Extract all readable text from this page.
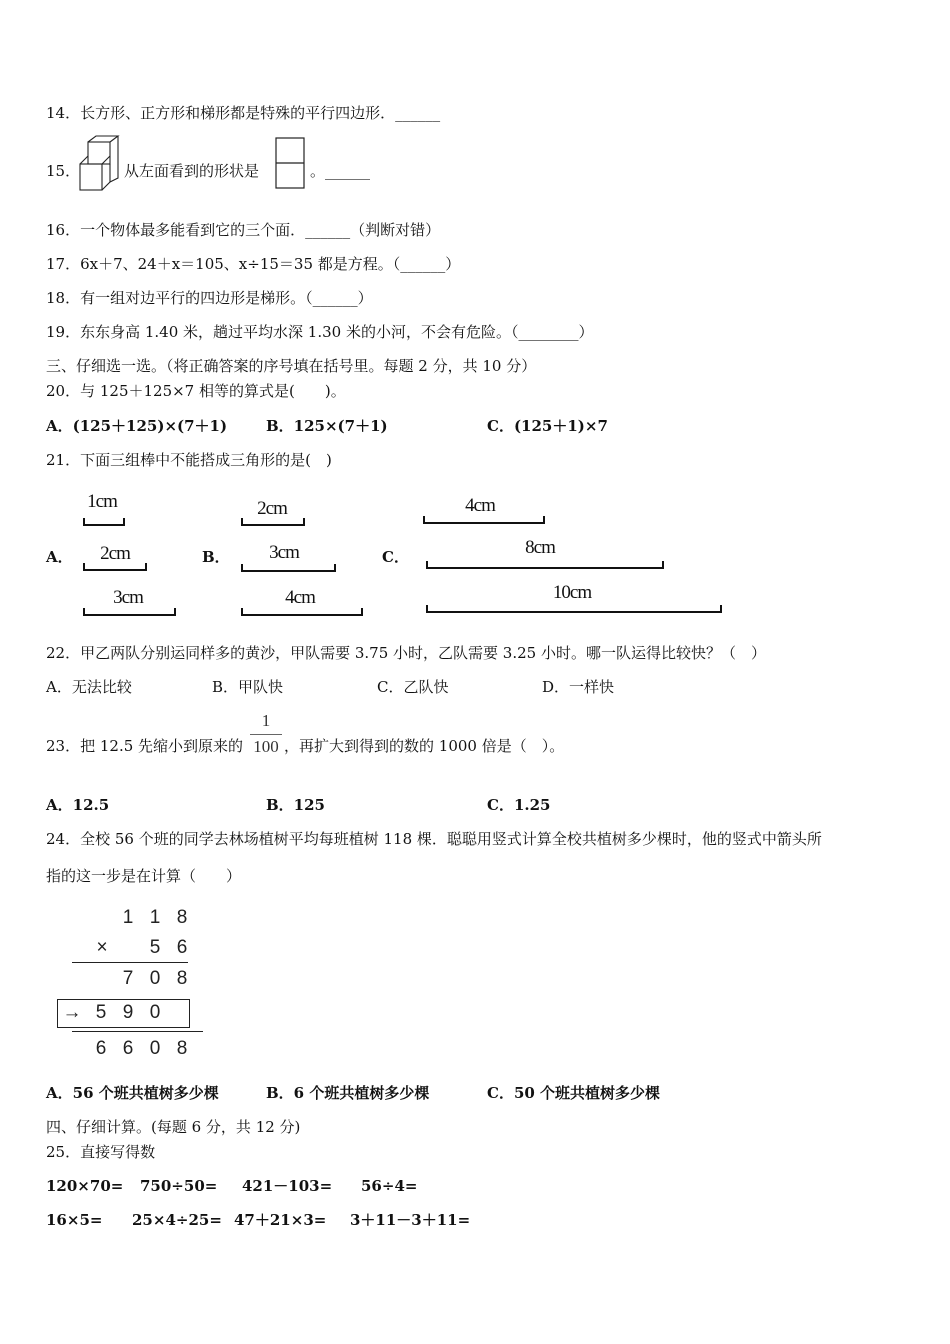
14．长方形、正方形和梯形都是特殊的平行四边形．______
15．	从左面看到的形状是	。______
16．一个物体最多能看到它的三个面．______（判断对错）
17．6x＋7、24＋x＝105、x÷15＝35 都是方程。（______）
18．有一组对边平行的四边形是梯形。（______）
19．东东身高 1.40 米，趟过平均水深 1.30 米的小河，不会有危险。（________）
三、仔细选一选。（将正确答案的序号填在括号里。每题 2 分，共 10 分）
20．与 125＋125×7 相等的算式是(　　)。
A．(125＋125)×(7＋1)	B．125×(7＋1)	C．(125＋1)×7
21．下面三组棒中不能搭成三角形的是(　)
A．	B．	C．
1cm
2cm
3cm
2cm
3cm
4cm
4cm
8cm
10cm
22．甲乙两队分别运同样多的黄沙，甲队需要 3.75 小时，乙队需要 3.25 小时。哪一队运得比较快？（　）
A．无法比较	B．甲队快	C．乙队快	D．一样快
23．把 12.5 先缩小到原来的
1
100 ，再扩大到得到的数的 1000 倍是（　）。
A．12.5	B．125	C．1.25
24．全校 56 个班的同学去林场植树平均每班植树 118 棵．聪聪用竖式计算全校共植树多少棵时，他的竖式中箭头所
指的这一步是在计算（　　）
1 1 8
× 5 6
7 0 8
→ 5 9 0
6 6 0 8
A．56 个班共植树多少棵	B．6 个班共植树多少棵	C．50 个班共植树多少棵
四、仔细计算。(每题 6 分，共 12 分)
25．直接写得数
120×70= 750÷50= 421－103= 56÷4=
16×5= 25×4÷25= 47＋21×3= 3＋11－3＋11=
